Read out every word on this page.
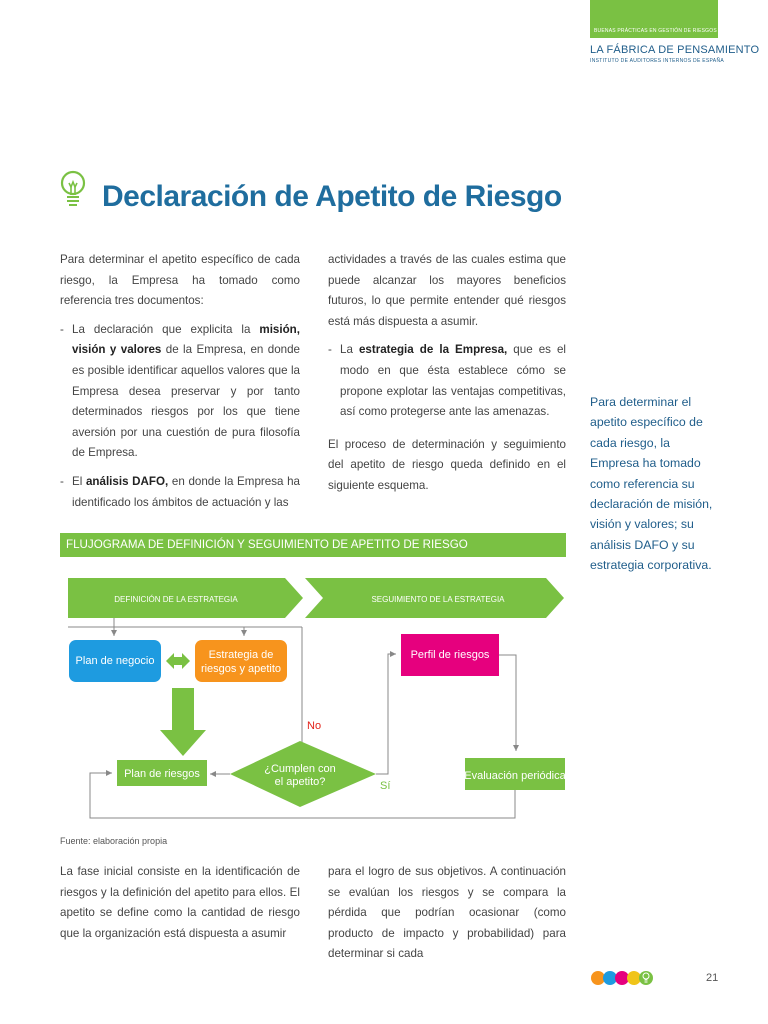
BUENAS PRÁCTICAS EN GESTIÓN DE RIESGOS
LA FÁBRICA DE PENSAMIENTO
INSTITUTO DE AUDITORES INTERNOS DE ESPAÑA
Declaración de Apetito de Riesgo

Para determinar el apetito específico de cada riesgo, la Empresa ha tomado como referencia tres documentos:

- La declaración que explicita la misión, visión y valores de la Empresa, en donde es posible identificar aquellos valores que la Empresa desea preservar y por tanto determinados riesgos por los que tiene aversión por una cuestión de pura filosofía de Empresa.
- El análisis DAFO, en donde la Empresa ha identificado los ámbitos de actuación y las

actividades a través de las cuales estima que puede alcanzar los mayores beneficios futuros, lo que permite entender qué riesgos está más dispuesta a asumir.

- La estrategia de la Empresa, que es el modo en que ésta establece cómo se propone explotar las ventajas competitivas, así como protegerse ante las amenazas.

El proceso de determinación y seguimiento del apetito de riesgo queda definido en el siguiente esquema.

Para determinar el apetito específico de cada riesgo, la Empresa ha tomado como referencia su declaración de misión, visión y valores; su análisis DAFO y su estrategia corporativa.
FLUJOGRAMA DE DEFINICIÓN Y SEGUIMIENTO DE APETITO DE RIESGO
DEFINICIÓN DE LA ESTRATEGIA	SEGUIMIENTO DE LA ESTRATEGIA
Plan de negocio	Estrategia de
riesgos y apetito
Plan de riesgos	¿Cumplen con
el apetito?
No
Sí
Perfil de riesgos
Evaluación periódica
Fuente: elaboración propia
La fase inicial consiste en la identificación de riesgos y la definición del apetito para ellos. El apetito se define como la cantidad de riesgo que la organización está dispuesta a asumir
para el logro de sus objetivos. A continuación se evalúan los riesgos y se compara la pérdida que podrían ocasionar (como producto de impacto y probabilidad) para determinar si cada
21
